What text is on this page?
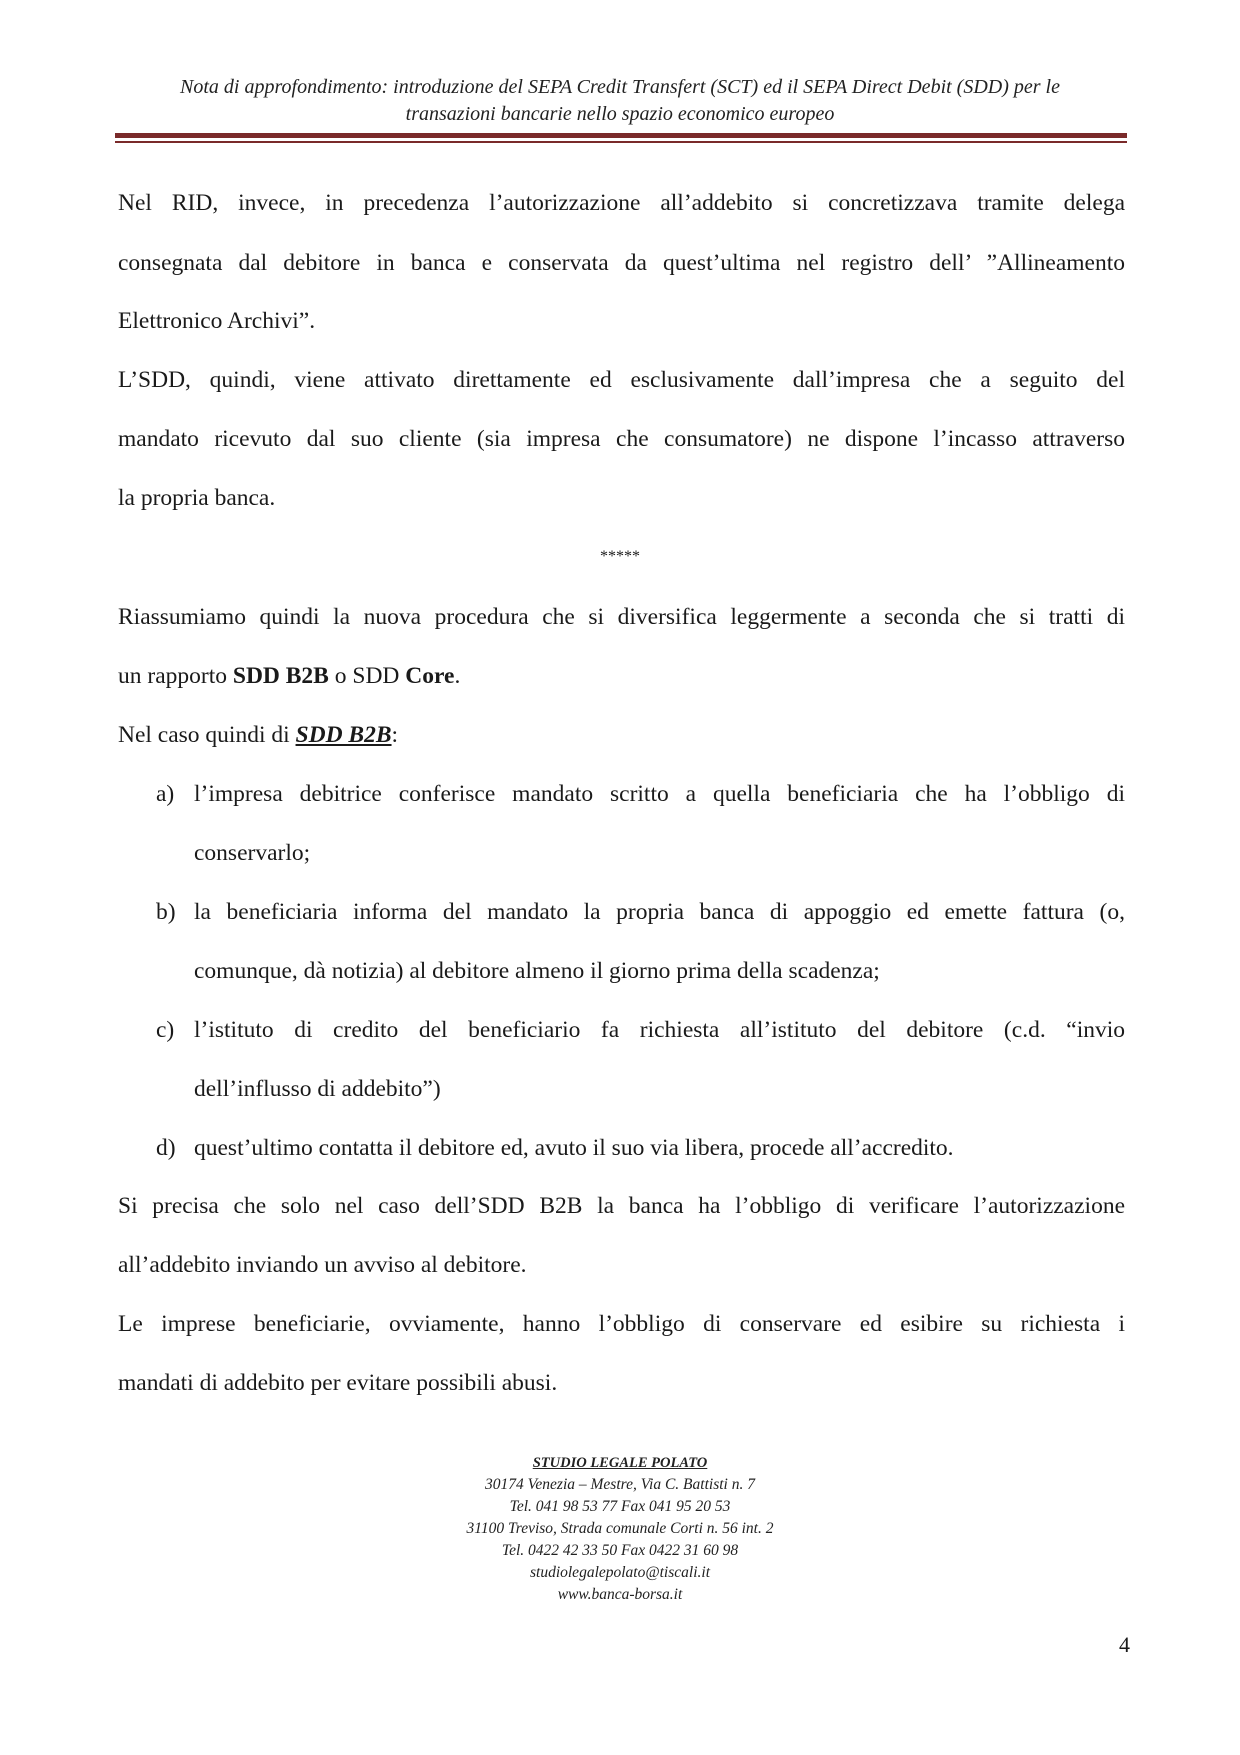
Nota di approfondimento: introduzione del SEPA Credit Transfert (SCT) ed il SEPA Direct Debit (SDD) per le
transazioni bancarie nello spazio economico europeo
Nel RID, invece, in precedenza l’autorizzazione all’addebito si concretizzava tramite delega
consegnata dal debitore in banca e conservata da quest’ultima nel registro dell’ ”Allineamento
Elettronico Archivi”.
L’SDD, quindi, viene attivato direttamente ed esclusivamente dall’impresa che a seguito del
mandato ricevuto dal suo cliente (sia impresa che consumatore) ne dispone l’incasso attraverso
la propria banca.
Riassumiamo quindi la nuova procedura che si diversifica leggermente a seconda che si tratti di
un rapporto SDD B2B o SDD Core.
Nel caso quindi di SDD B2B:
Si precisa che solo nel caso dell’SDD B2B la banca ha l’obbligo di verificare l’autorizzazione
all’addebito inviando un avviso al debitore.
Le imprese beneficiarie, ovviamente, hanno l’obbligo di conservare ed esibire su richiesta i
mandati di addebito per evitare possibili abusi.
*****
a) l’impresa debitrice conferisce mandato scritto a quella beneficiaria che ha l’obbligo di
conservarlo;
b) la beneficiaria informa del mandato la propria banca di appoggio ed emette fattura (o,
comunque, dà notizia) al debitore almeno il giorno prima della scadenza;
c) l’istituto di credito del beneficiario fa richiesta all’istituto del debitore (c.d. “invio
dell’influsso di addebito”)
d) quest’ultimo contatta il debitore ed, avuto il suo via libera, procede all’accredito.
STUDIO LEGALE POLATO
30174 Venezia – Mestre, Via C. Battisti n. 7
Tel. 041 98 53 77 Fax 041 95 20 53
31100 Treviso, Strada comunale Corti n. 56 int. 2
Tel. 0422 42 33 50 Fax 0422 31 60 98
studiolegalepolato@tiscali.it
www.banca-borsa.it
4
